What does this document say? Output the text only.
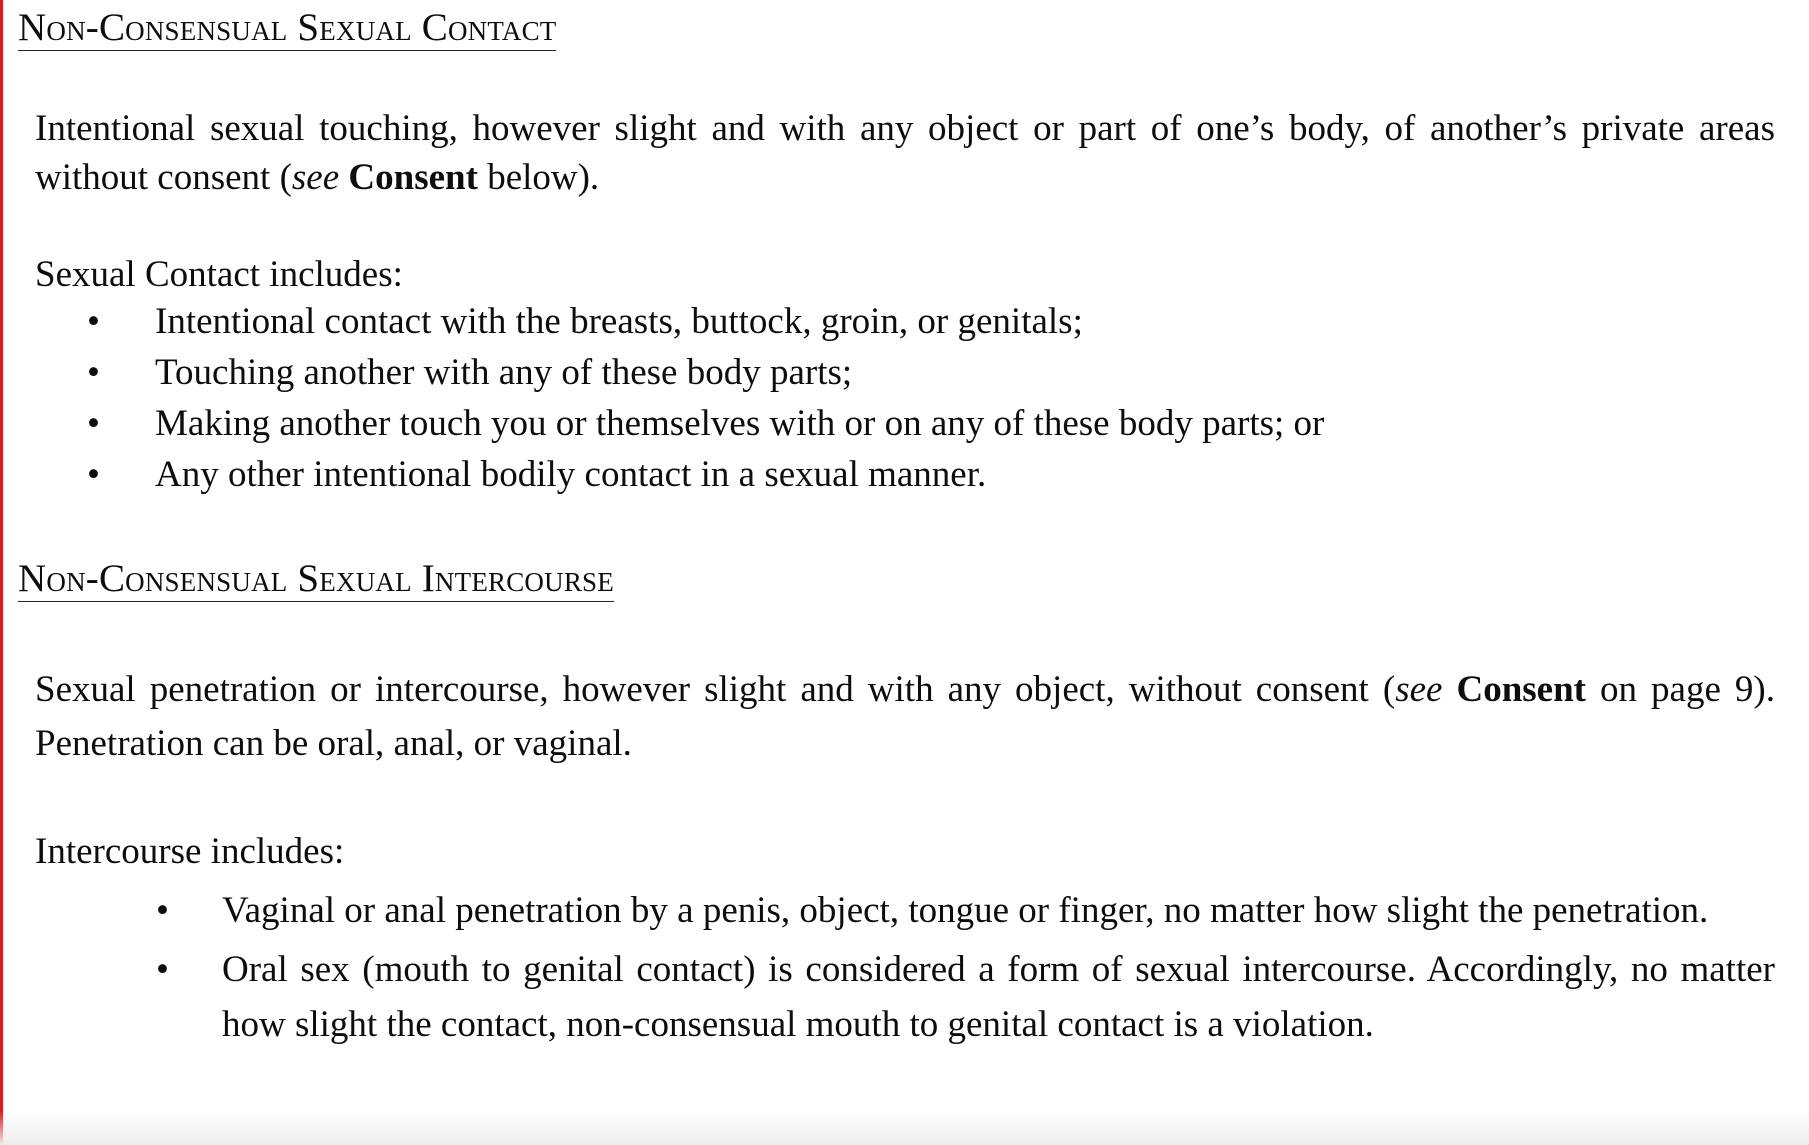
Non-Consensual Sexual Contact

Intentional sexual touching, however slight and with any object or part of one’s body, of another’s private areas without consent (see Consent below).

Sexual Contact includes:

• Intentional contact with the breasts, buttock, groin, or genitals;
• Touching another with any of these body parts;
• Making another touch you or themselves with or on any of these body parts; or
• Any other intentional bodily contact in a sexual manner.
Non-Consensual Sexual Intercourse

Sexual penetration or intercourse, however slight and with any object, without consent (see Consent on page 9). Penetration can be oral, anal, or vaginal.

Intercourse includes:

• Vaginal or anal penetration by a penis, object, tongue or finger, no matter how slight the penetration.
• Oral sex (mouth to genital contact) is considered a form of sexual intercourse. Accordingly, no matter how slight the contact, non-consensual mouth to genital contact is a violation.
